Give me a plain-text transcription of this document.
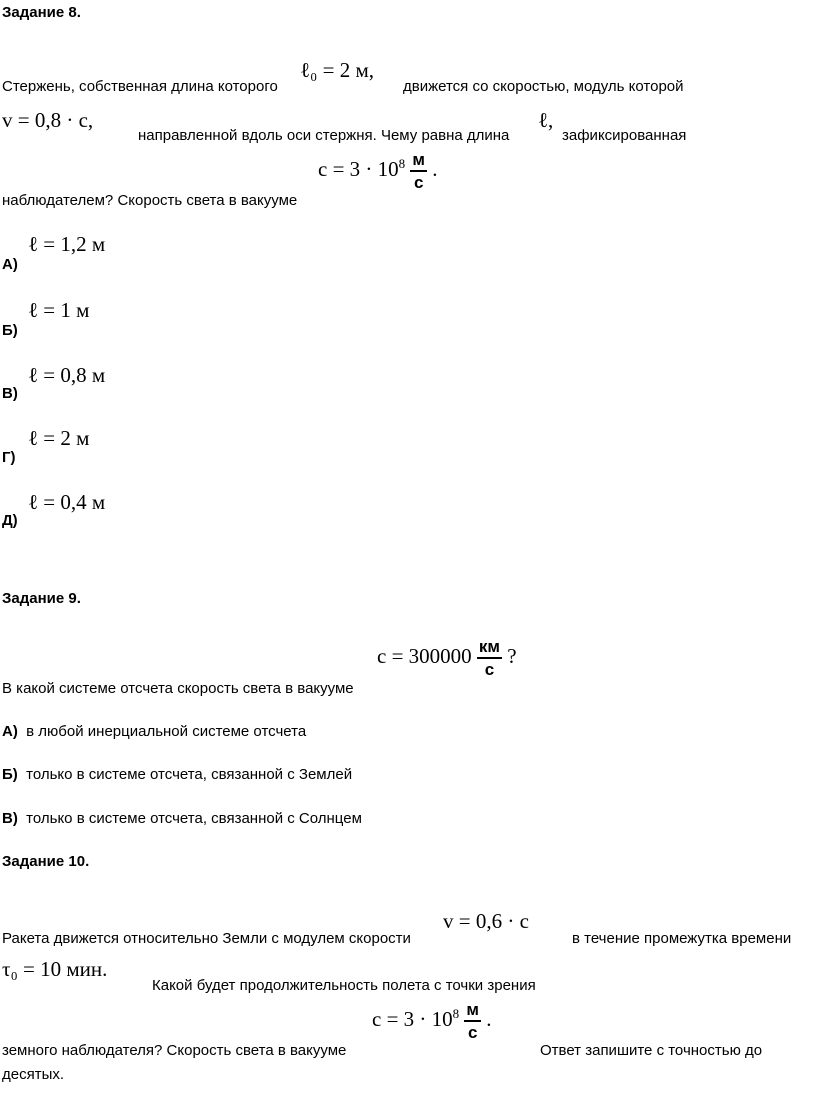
Задание 8.
Стержень, собственная длина которого
ℓ₀ = 2 м,
движется со скоростью, модуль которой
v = 0,8 · c,
направленной вдоль оси стержня. Чему равна длина
ℓ,
зафиксированная
$c = 3 \cdot 10^8 \frac{м}{с}$ .
наблюдателем? Скорость света в вакууме
ℓ = 1,2 м
А)
ℓ = 1 м
Б)
ℓ = 0,8 м
В)
ℓ = 2 м
Г)
ℓ = 0,4 м
Д)
Задание 9.
$c = 300000 \frac{км}{с}$ ?
В какой системе отсчета скорость света в вакууме
А) в любой инерциальной системе отсчета
Б) только в системе отсчета, связанной с Землей
В) только в системе отсчета, связанной с Солнцем
Задание 10.
v = 0,6 · c
Ракета движется относительно Земли с модулем скорости	в течение промежутка времени
τ₀ = 10 мин.
Какой будет продолжительность полета с точки зрения
$c = 3 \cdot 10^8 \frac{м}{с}$ .
земного наблюдателя? Скорость света в вакууме	Ответ запишите с точностью до
десятых.
